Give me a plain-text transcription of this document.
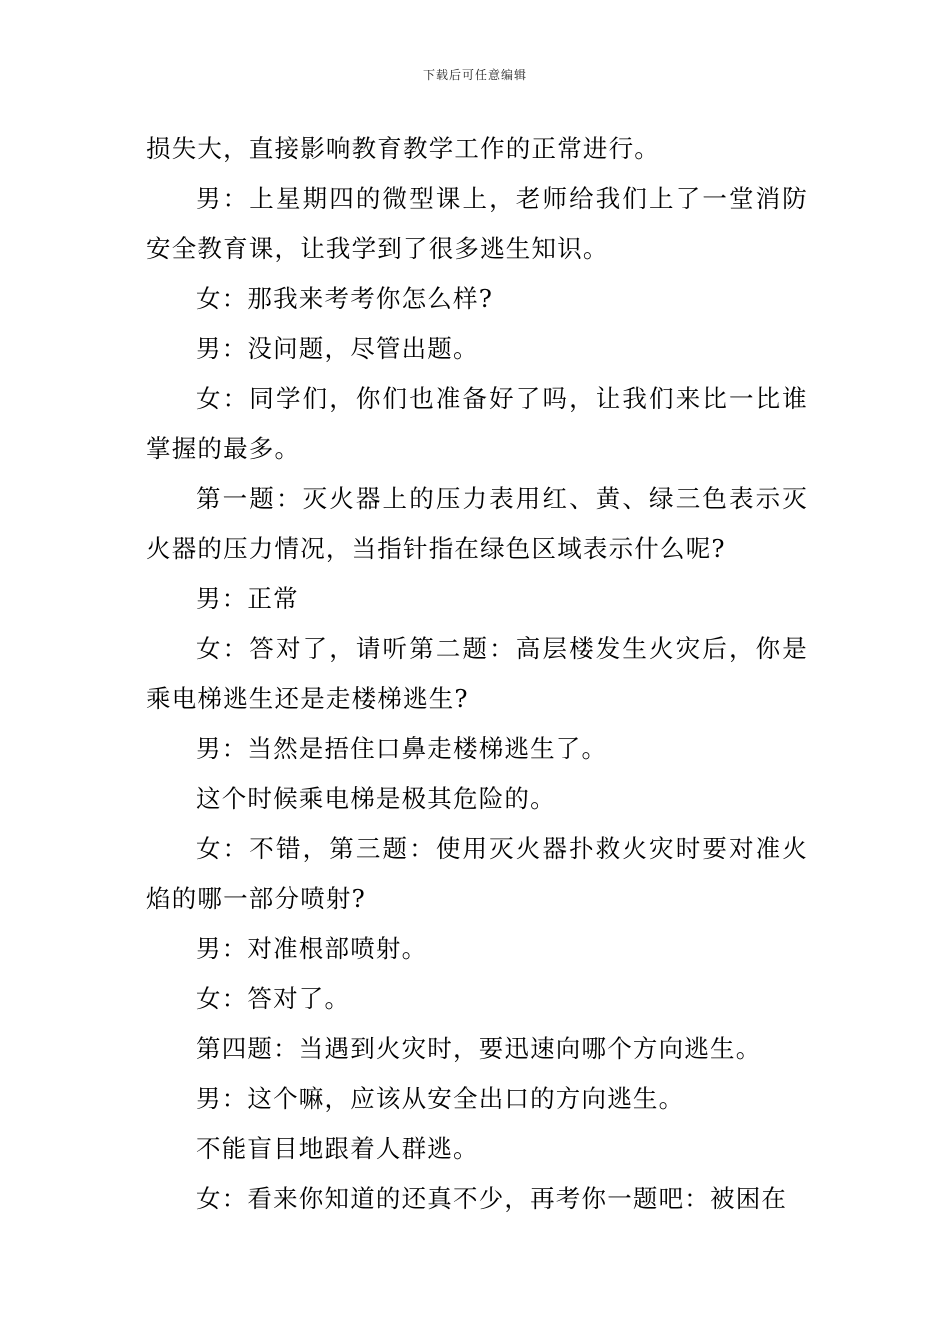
下载后可任意编辑

损失大，直接影响教育教学工作的正常进行。

男：上星期四的微型课上，老师给我们上了一堂消防安全教育课，让我学到了很多逃生知识。

女：那我来考考你怎么样?

男：没问题，尽管出题。

女：同学们，你们也准备好了吗，让我们来比一比谁掌握的最多。

第一题：灭火器上的压力表用红、黄、绿三色表示灭火器的压力情况，当指针指在绿色区域表示什么呢?

男：正常

女：答对了，请听第二题：高层楼发生火灾后，你是乘电梯逃生还是走楼梯逃生?

男：当然是捂住口鼻走楼梯逃生了。

这个时候乘电梯是极其危险的。

女：不错，第三题：使用灭火器扑救火灾时要对准火焰的哪一部分喷射?

男：对准根部喷射。

女：答对了。

第四题：当遇到火灾时，要迅速向哪个方向逃生。

男：这个嘛，应该从安全出口的方向逃生。

不能盲目地跟着人群逃。

女：看来你知道的还真不少，再考你一题吧：被困在
